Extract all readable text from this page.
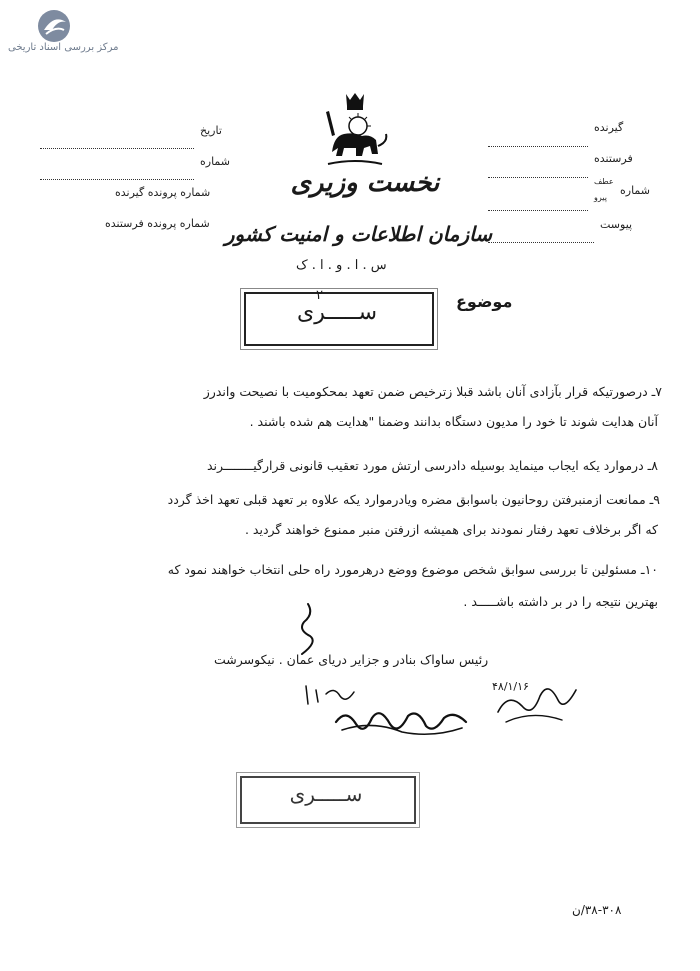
مرکز بررسی اسناد تاریخی
تاریخ
شماره
شماره پرونده گیرنده
شماره پرونده فرستنده
گیرنده
فرستنده
شماره
عطف
پیرو
پیوست
نخست وزیری
سازمان اطلاعات و امنیت کشور
س . ا . و . ا . ک
۲
ســـــری	موضوع
۷ـ درصورتیکه قرار بآزادی آنان باشد قبلا زترخیص ضمن تعهد بمحکومیت با نصیحت واندرز
آنان هدایت شوند تا خود را مدیون دستگاه بدانند وضمنا "هدایت هم شده باشند .
۸ـ درموارد یکه ایجاب مینماید بوسیله دادرسی ارتش مورد تعقیب قانونی قرارگیــــــــرند
۹ـ ممانعت ازمنبرفتن روحانیون باسوابق مضره ویادرموارد یکه علاوه بر تعهد قبلی تعهد اخذ گردد
که اگر برخلاف تعهد رفتار نمودند برای همیشه ازرفتن منبر ممنوع خواهند گردید .
۱۰ـ مسئولین تا بررسی سوابق شخص موضوع ووضع درهرمورد راه حلی انتخاب خواهند نمود که
بهترین نتیجه را در بر داشته باشـــــد .
رئیس ساواک بنادر و جزایر دریای عمان . نیکوسرشت
۴۸/۱/۱۶
ســـــری
۳۸-۳۰۸/ن
